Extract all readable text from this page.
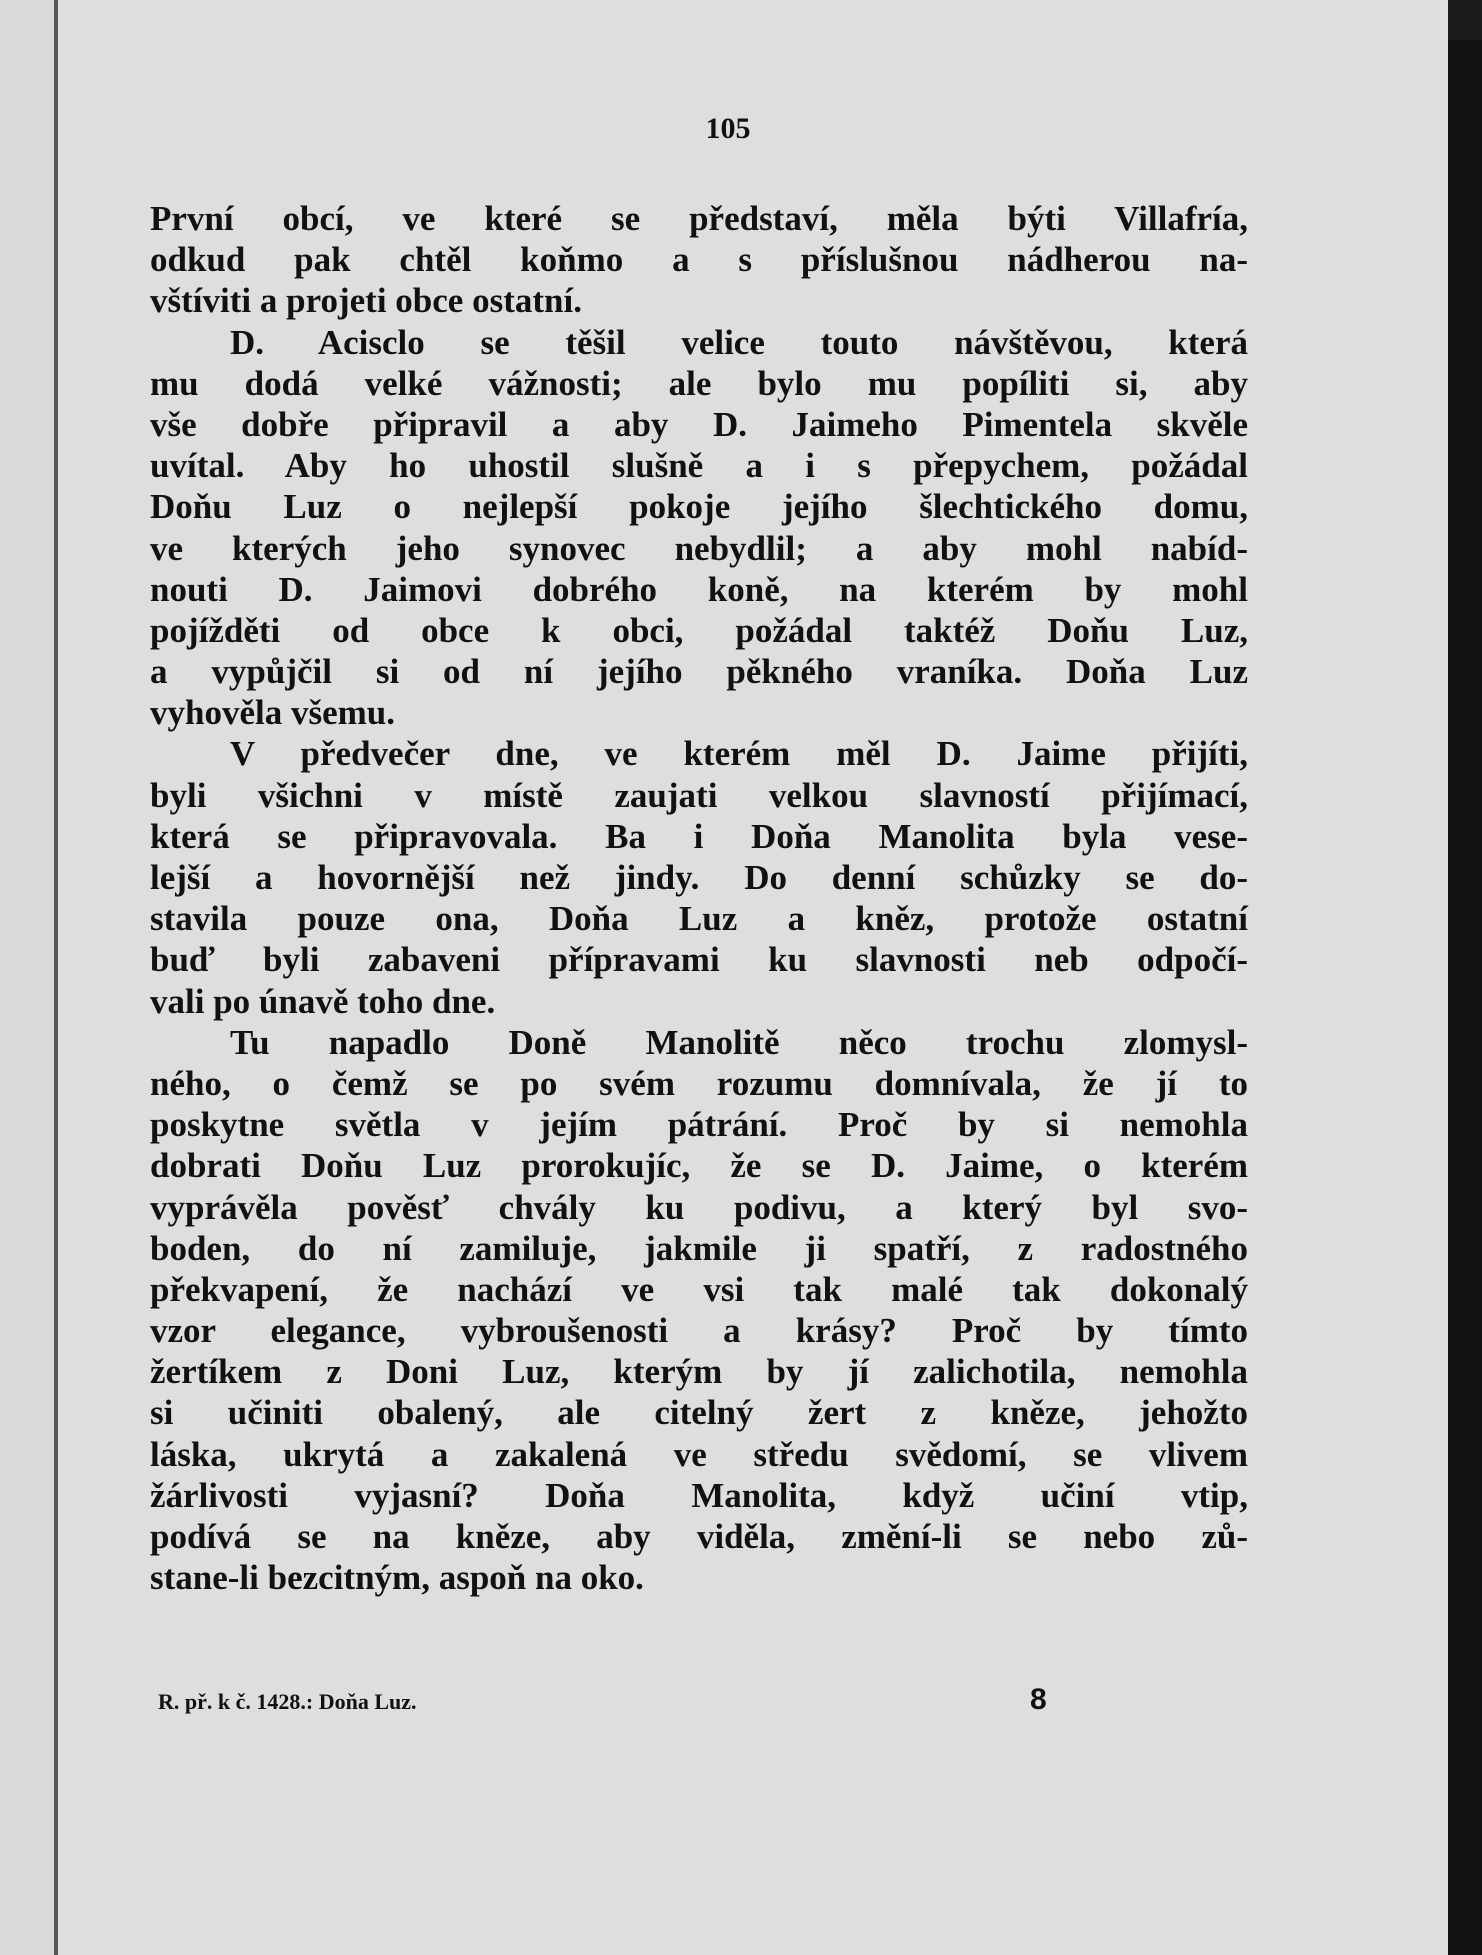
105
První obcí, ve které se představí, měla býti Villafría,
odkud pak chtěl koňmo a s příslušnou nádherou na-
vštíviti a projeti obce ostatní.
D. Acisclo se těšil velice touto návštěvou, která
mu dodá velké vážnosti; ale bylo mu popíliti si, aby
vše dobře připravil a aby D. Jaimeho Pimentela skvěle
uvítal. Aby ho uhostil slušně a i s přepychem, požádal
Doňu Luz o nejlepší pokoje jejího šlechtického domu,
ve kterých jeho synovec nebydlil; a aby mohl nabíd-
nouti D. Jaimovi dobrého koně, na kterém by mohl
pojížděti od obce k obci, požádal taktéž Doňu Luz,
a vypůjčil si od ní jejího pěkného vraníka. Doňa Luz
vyhověla všemu.
V předvečer dne, ve kterém měl D. Jaime přijíti,
byli všichni v místě zaujati velkou slavností přijímací,
která se připravovala. Ba i Doňa Manolita byla vese-
lejší a hovornější než jindy. Do denní schůzky se do-
stavila pouze ona, Doňa Luz a kněz, protože ostatní
buď byli zabaveni přípravami ku slavnosti neb odpočí-
vali po únavě toho dne.
Tu napadlo Doně Manolitě něco trochu zlomysl-
ného, o čemž se po svém rozumu domnívala, že jí to
poskytne světla v jejím pátrání. Proč by si nemohla
dobrati Doňu Luz prorokujíc, že se D. Jaime, o kterém
vyprávěla pověsť chvály ku podivu, a který byl svo-
boden, do ní zamiluje, jakmile ji spatří, z radostného
překvapení, že nachází ve vsi tak malé tak dokonalý
vzor elegance, vybroušenosti a krásy? Proč by tímto
žertíkem z Doni Luz, kterým by jí zalichotila, nemohla
si učiniti obalený, ale citelný žert z kněze, jehožto
láska, ukrytá a zakalená ve středu svědomí, se vlivem
žárlivosti vyjasní? Doňa Manolita, když učiní vtip,
podívá se na kněze, aby viděla, změní-li se nebo zů-
stane-li bezcitným, aspoň na oko.
R. př. k č. 1428.: Doňa Luz.	8
